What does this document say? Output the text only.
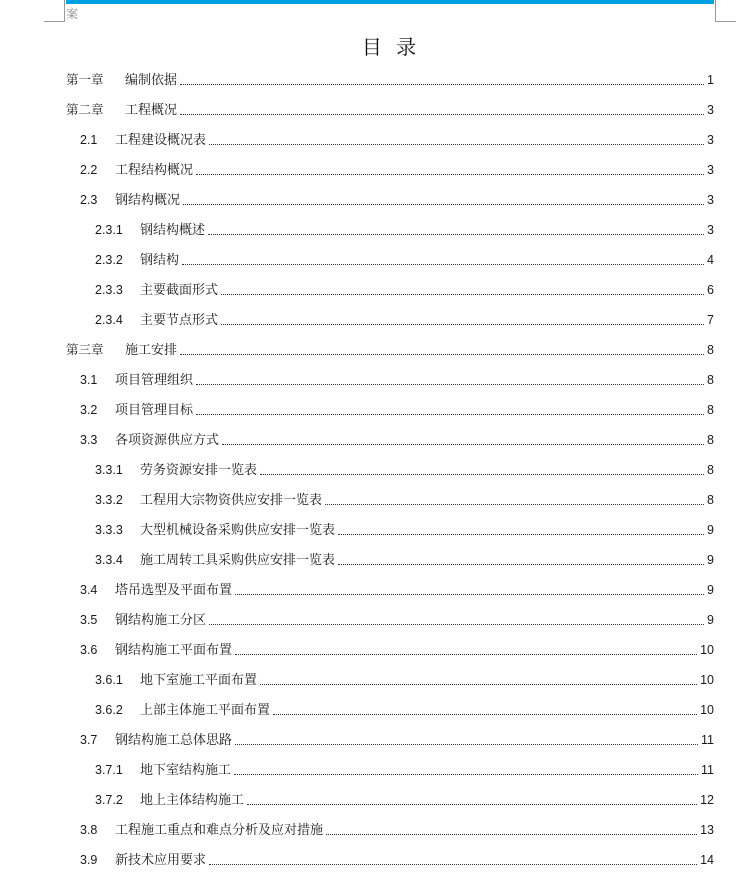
案
目 录
第一章	编制依据	1
第二章	工程概况	3
2.1	工程建设概况表	3
2.2	工程结构概况	3
2.3	钢结构概况	3
2.3.1	钢结构概述	3
2.3.2	钢结构	4
2.3.3	主要截面形式	6
2.3.4	主要节点形式	7
第三章	施工安排	8
3.1	项目管理组织	8
3.2	项目管理目标	8
3.3	各项资源供应方式	8
3.3.1	劳务资源安排一览表	8
3.3.2	工程用大宗物资供应安排一览表	8
3.3.3	大型机械设备采购供应安排一览表	9
3.3.4	施工周转工具采购供应安排一览表	9
3.4	塔吊选型及平面布置	9
3.5	钢结构施工分区	9
3.6	钢结构施工平面布置	10
3.6.1	地下室施工平面布置	10
3.6.2	上部主体施工平面布置	10
3.7	钢结构施工总体思路	11
3.7.1	地下室结构施工	11
3.7.2	地上主体结构施工	12
3.8	工程施工重点和难点分析及应对措施	13
3.9	新技术应用要求	14
